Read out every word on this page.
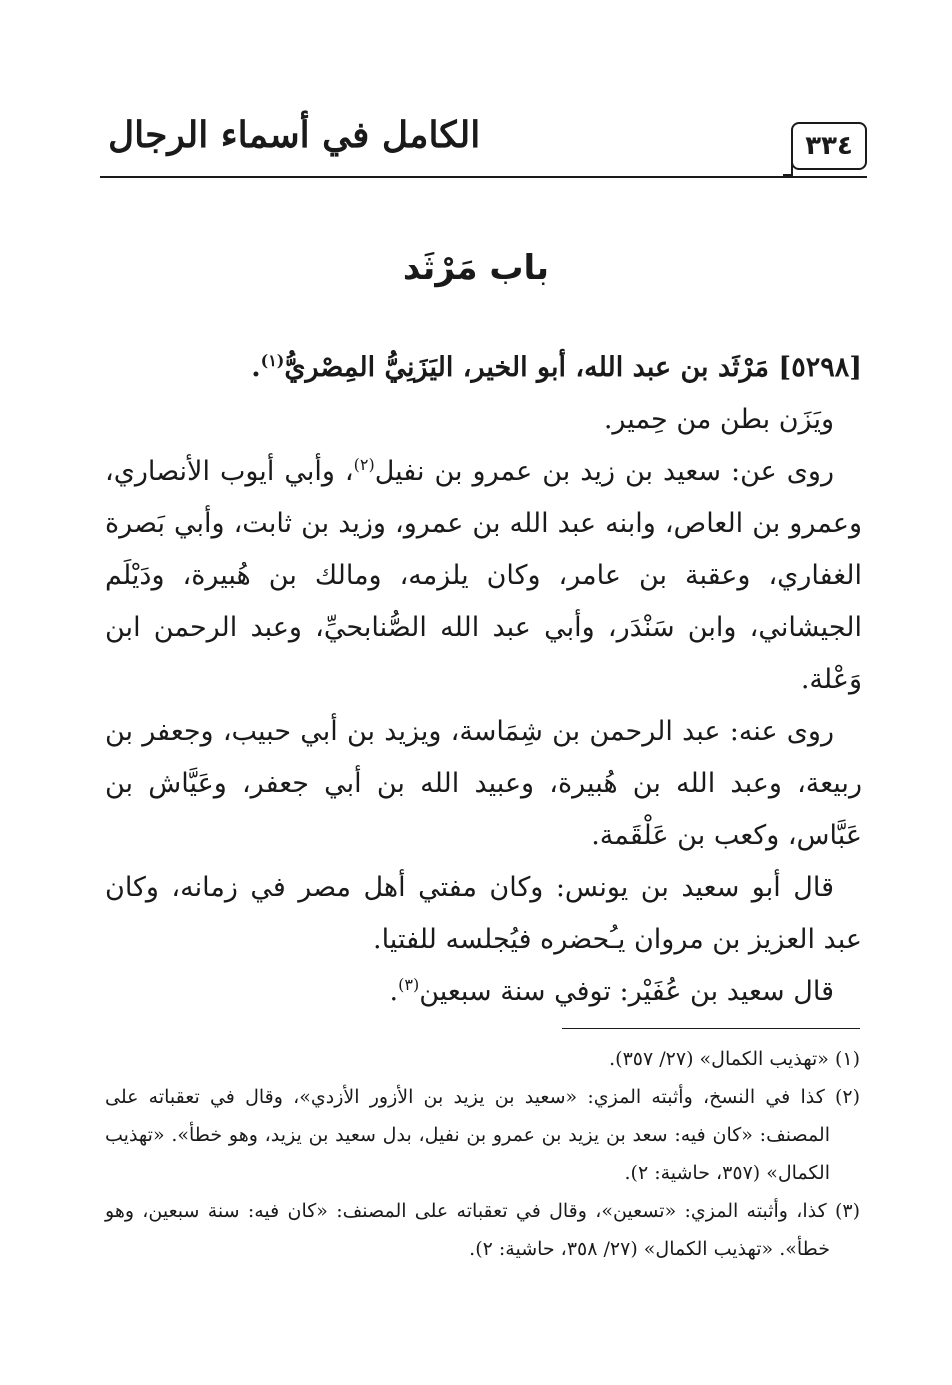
٣٣٤
الكامل في أسماء الرجال
باب مَرْثَد

[٥٢٩٨] مَرْثَد بن عبد الله، أبو الخير، اليَزَنِيُّ المِصْريُّ$^{(١)}$.

ويَزَن بطن من حِمير.

روى عن: سعيد بن زيد بن عمرو بن نفيل$^{(٢)}$، وأبي أيوب الأنصاري، وعمرو بن العاص، وابنه عبد الله بن عمرو، وزيد بن ثابت، وأبي بَصرة الغفاري، وعقبة بن عامر، وكان يلزمه، ومالك بن هُبيرة، ودَيْلَم الجيشاني، وابن سَنْدَر، وأبي عبد الله الصُّنابحيِّ، وعبد الرحمن ابن وَعْلة.

روى عنه: عبد الرحمن بن شِمَاسة، ويزيد بن أبي حبيب، وجعفر بن ربيعة، وعبد الله بن هُبيرة، وعبيد الله بن أبي جعفر، وعَيَّاش بن عَبَّاس، وكعب بن عَلْقَمة.

قال أبو سعيد بن يونس: وكان مفتي أهل مصر في زمانه، وكان عبد العزيز بن مروان يـُحضره فيُجلسه للفتيا.

قال سعيد بن عُفَيْر: توفي سنة سبعين$^{(٣)}$.

(١) «تهذيب الكمال» (٢٧/ ٣٥٧).

(٢) كذا في النسخ، وأثبته المزي: «سعيد بن يزيد بن الأزور الأزدي»، وقال في تعقباته على المصنف: «كان فيه: سعد بن يزيد بن عمرو بن نفيل، بدل سعيد بن يزيد، وهو خطأ». «تهذيب الكمال» (٣٥٧، حاشية: ٢).

(٣) كذا، وأثبته المزي: «تسعين»، وقال في تعقباته على المصنف: «كان فيه: سنة سبعين، وهو خطأ». «تهذيب الكمال» (٢٧/ ٣٥٨، حاشية: ٢).
